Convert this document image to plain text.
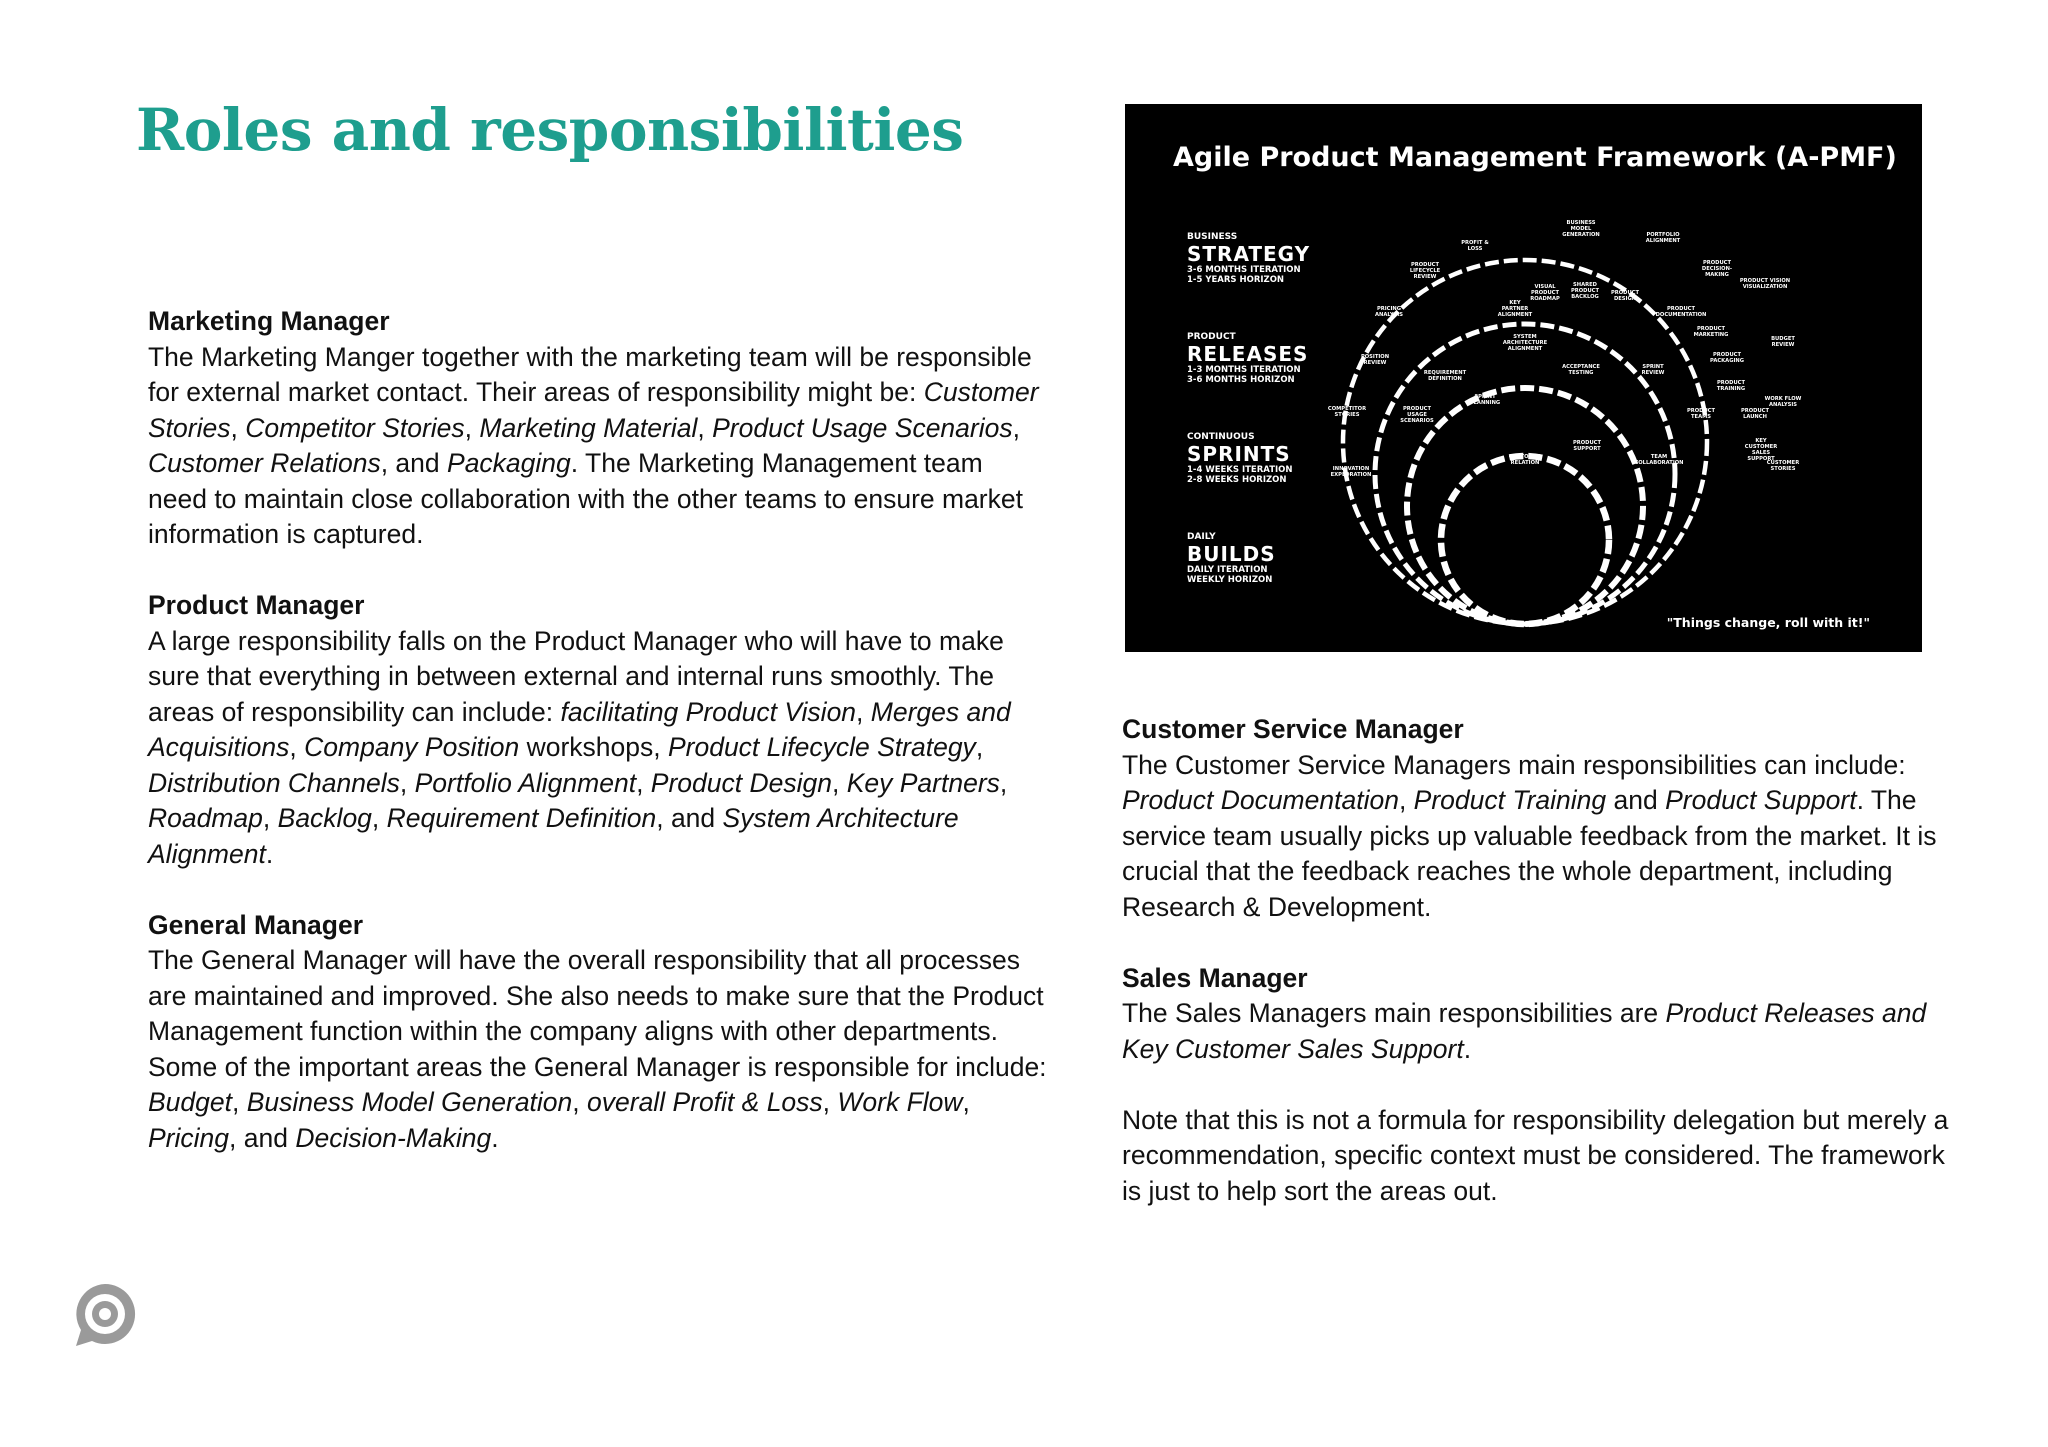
Roles and responsibilities
Marketing Manager

The Marketing Manger together with the marketing team will be responsible for external market contact. Their areas of responsibility might be: Customer Stories, Competitor Stories, Marketing Material, Product Usage Scenarios, Customer Relations, and Packaging. The Marketing Management team need to maintain close collaboration with the other teams to ensure market information is captured.

Product Manager

A large responsibility falls on the Product Manager who will have to make sure that everything in between external and internal runs smoothly. The areas of responsibility can include: facilitating Product Vision, Merges and Acquisitions, Company Position workshops, Product Lifecycle Strategy, Distribution Channels, Portfolio Alignment, Product Design, Key Partners, Roadmap, Backlog, Requirement Definition, and System Architecture Alignment.

General Manager

The General Manager will have the overall responsibility that all processes are maintained and improved. She also needs to make sure that the Product Management function within the company aligns with other departments. Some of the important areas the General Manager is responsible for include: Budget, Business Model Generation, overall Profit & Loss, Work Flow, Pricing, and Decision-Making.

Customer Service Manager

The Customer Service Managers main responsibilities can include: Product Documentation, Product Training and Product Support. The service team usually picks up valuable feedback from the market. It is crucial that the feedback reaches the whole department, including Research & Development.

Sales Manager

The Sales Managers main responsibilities are Product Releases and Key Customer Sales Support.

Note that this is not a formula for responsibility delegation but merely a recommendation, specific context must be considered. The framework is just to help sort the areas out.

BUSINESS MODEL GENERATION	PORTFOLIO ALIGNMENT
PROFIT & LOSS
PRODUCT LIFECYCLE REVIEW
PRODUCT DECISION-MAKING
PRODUCT VISION VISUALIZATION
VISUAL PRODUCT ROADMAP
SHARED PRODUCT BACKLOG
PRODUCT DESIGN
KEY PARTNER ALIGNMENT
PRICING ANALYSIS
PRODUCT DOCUMENTATION
SYSTEM ARCHITECTURE ALIGNMENT
PRODUCT MARKETING
BUDGET REVIEW
POSITION REVIEW
ACCEPTANCE TESTING
SPRINT REVIEW
PRODUCT PACKAGING
REQUIREMENT DEFINITION
PRODUCT TRAINING
WORK FLOW ANALYSIS
COMPETITOR STORIES
SPRINT PLANNING
PRODUCT USAGE SCENARIOS
PRODUCT TEAMS
PRODUCT LAUNCH
PRODUCT SUPPORT
KEY CUSTOMER SALES SUPPORT
CUSTOMER RELATION
TEAM COLLABORATION
INNOVATION EXPLORATION
CUSTOMER STORIES
Agile Product Management Framework (A-PMF)
BUSINESS
STRATEGY
3-6 MONTHS ITERATION
1-5 YEARS HORIZON
PRODUCT
RELEASES
1-3 MONTHS ITERATION
3-6 MONTHS HORIZON
CONTINUOUS
SPRINTS
1-4 WEEKS ITERATION
2-8 WEEKS HORIZON
DAILY
BUILDS
DAILY ITERATION
WEEKLY HORIZON
"Things change, roll with it!"
